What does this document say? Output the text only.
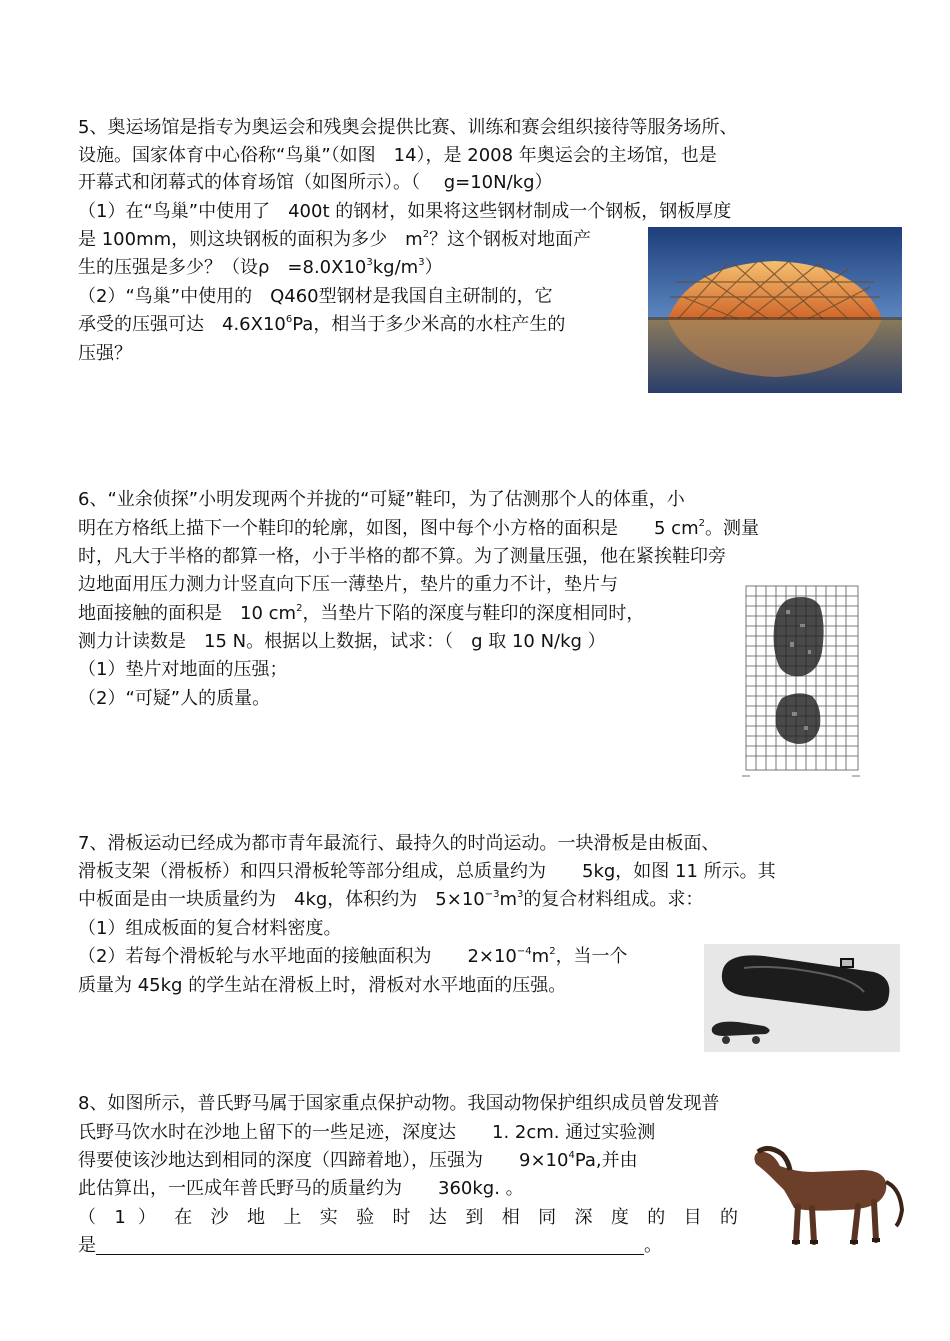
5、奥运场馆是指专为奥运会和残奥会提供比赛、训练和赛会组织接待等服务场所、
设施。国家体育中心俗称“鸟巢”（如图　14），是 2008 年奥运会的主场馆，也是
开幕式和闭幕式的体育场馆（如图所示）。（　 g=10N/kg）
（1）在“鸟巢”中使用了　400t 的钢材，如果将这些钢材制成一个钢板，钢板厚度
是 100mm，则这块钢板的面积为多少　$m^2$？这个钢板对地面产
生的压强是多少？（设ρ　$=8.0X10^3kg/m^3$）
（2）“鸟巢”中使用的　Q460型钢材是我国自主研制的，它
承受的压强可达　$4.6X10^6Pa$，相当于多少米高的水柱产生的
压强？
6、“业余侦探”小明发现两个并拢的“可疑”鞋印，为了估测那个人的体重，小
明在方格纸上描下一个鞋印的轮廓，如图，图中每个小方格的面积是　　5 $cm^2$。测量
时，凡大于半格的都算一格，小于半格的都不算。为了测量压强，他在紧挨鞋印旁
边地面用压力测力计竖直向下压一薄垫片，垫片的重力不计，垫片与
地面接触的面积是　10 $cm^2$，当垫片下陷的深度与鞋印的深度相同时，
测力计读数是　15 N。根据以上数据，试求：（　g 取 10 N/kg ）
（1）垫片对地面的压强；
（2）“可疑”人的质量。
7、滑板运动已经成为都市青年最流行、最持久的时尚运动。一块滑板是由板面、
滑板支架（滑板桥）和四只滑板轮等部分组成，总质量约为　　5kg，如图 11 所示。其
中板面是由一块质量约为　4kg，体积约为　$5\times 10^{-3}m^3$的复合材料组成。求：
（1）组成板面的复合材料密度。
（2）若每个滑板轮与水平地面的接触面积为　　$2\times 10^{-4}m^2$，当一个
质量为 45kg 的学生站在滑板上时，滑板对水平地面的压强。
8、如图所示，普氏野马属于国家重点保护动物。我国动物保护组织成员曾发现普
氏野马饮水时在沙地上留下的一些足迹，深度达　　1. 2cm. 通过实验测
得要使该沙地达到相同的深度（四蹄着地），压强为　　$9\times 10^4Pa$,并由
此估算出，一匹成年普氏野马的质量约为　　360kg. 。
（ 1 ） 在 沙 地 上 实 验 时 达 到 相 同 深 度 的 目 的
是	。
